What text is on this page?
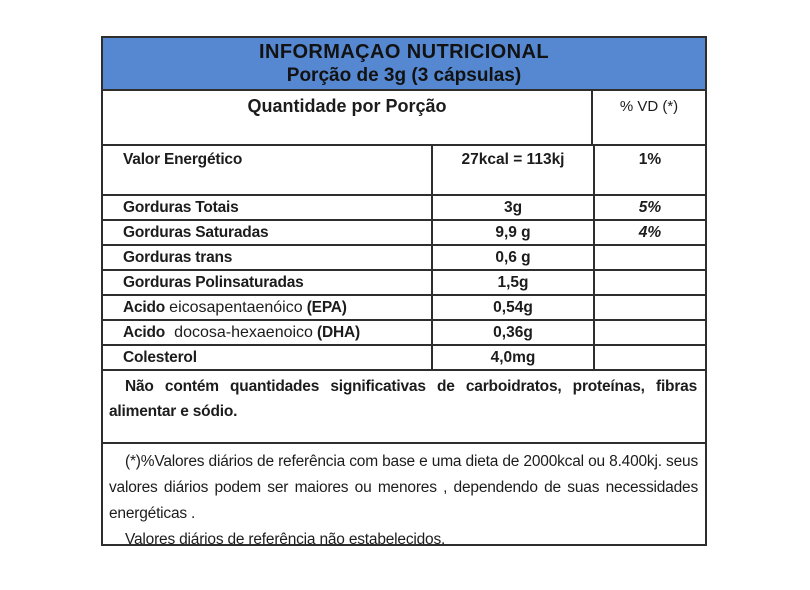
INFORMAÇAO NUTRICIONAL
Porção de 3g (3 cápsulas)
Quantidade por Porção	% VD (*)
Valor Energético	27kcal = 113kj	1%
Gorduras Totais	3g	5%
Gorduras Saturadas	9,9 g	4%
Gorduras trans	0,6 g
Gorduras Polinsaturadas	1,5g
Acido eicosapentaenóico (EPA)	0,54g
Acido docosa-hexaenoico (DHA)	0,36g
Colesterol	4,0mg
Não contém quantidades significativas de carboidratos, proteínas, fibras alimentar e sódio.

(*)%Valores diários de referência com base e uma dieta de 2000kcal ou 8.400kj. seus valores diários podem ser maiores ou menores , dependendo de suas necessidades energéticas .

Valores diários de referência não estabelecidos.
